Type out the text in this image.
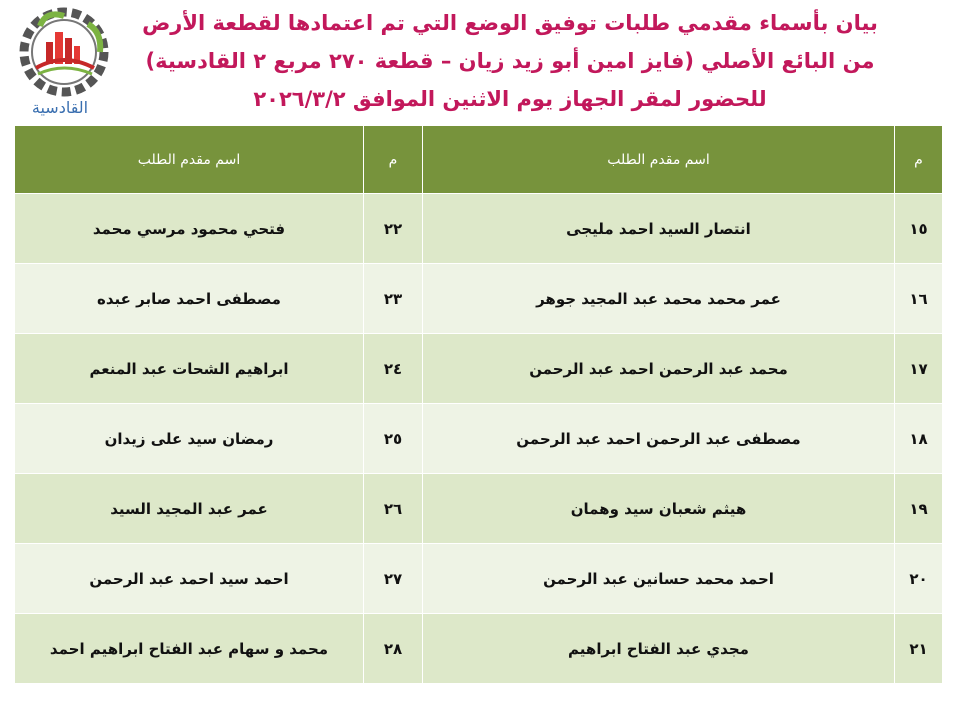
القادسية
بيان بأسماء مقدمي طلبات توفيق الوضع التي تم اعتمادها لقطعة الأرض
من البائع الأصلي (فايز امين أبو زيد زيان – قطعة ٢٧٠ مربع ٢ القادسية)
للحضور لمقر الجهاز يوم الاثنين الموافق ٢٠٢٦/٣/٢
م	اسم مقدم الطلب	م	اسم مقدم الطلب
١٥	انتصار السيد احمد مليجى	٢٢	فتحي محمود مرسي محمد
١٦	عمر محمد محمد عبد المجيد جوهر	٢٣	مصطفى احمد صابر عبده
١٧	محمد عبد الرحمن احمد عبد الرحمن	٢٤	ابراهيم الشحات عبد المنعم
١٨	مصطفى عبد الرحمن احمد عبد الرحمن	٢٥	رمضان سيد على زيدان
١٩	هيثم شعبان سيد وهمان	٢٦	عمر عبد المجيد السيد
٢٠	احمد محمد حسانين عبد الرحمن	٢٧	احمد سيد احمد عبد الرحمن
٢١	مجدي عبد الفتاح ابراهيم	٢٨	محمد و سهام عبد الفتاح ابراهيم احمد
